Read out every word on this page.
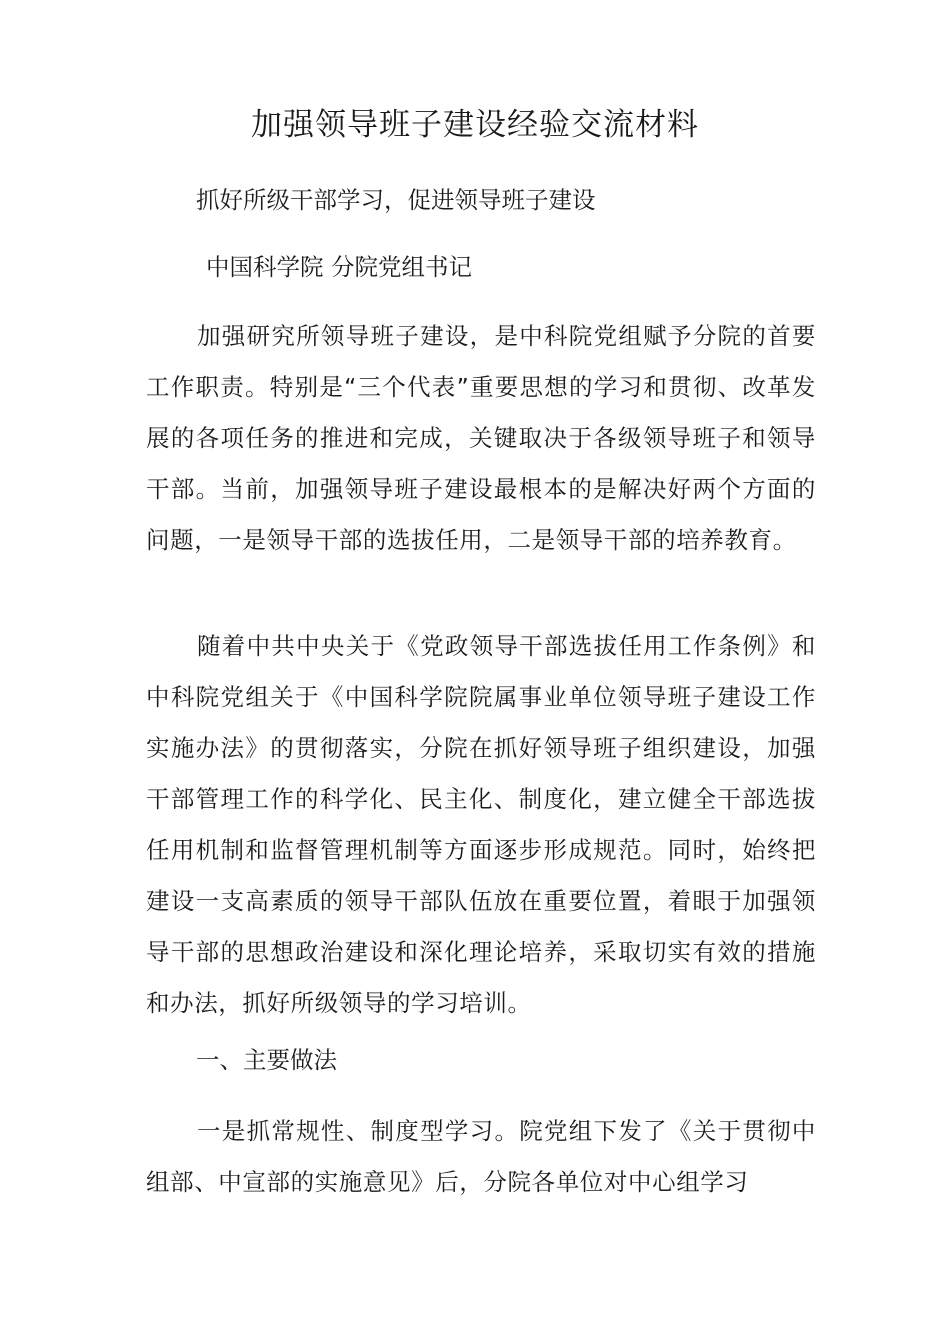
加强领导班子建设经验交流材料
抓好所级干部学习，促进领导班子建设
中国科学院 分院党组书记
加强研究所领导班子建设，是中科院党组赋予分院的首要工作职责。特别是“三个代表”重要思想的学习和贯彻、改革发展的各项任务的推进和完成，关键取决于各级领导班子和领导干部。当前，加强领导班子建设最根本的是解决好两个方面的问题，一是领导干部的选拔任用，二是领导干部的培养教育。
随着中共中央关于《党政领导干部选拔任用工作条例》和中科院党组关于《中国科学院院属事业单位领导班子建设工作实施办法》的贯彻落实，分院在抓好领导班子组织建设，加强干部管理工作的科学化、民主化、制度化，建立健全干部选拔任用机制和监督管理机制等方面逐步形成规范。同时，始终把建设一支高素质的领导干部队伍放在重要位置，着眼于加强领导干部的思想政治建设和深化理论培养，采取切实有效的措施和办法，抓好所级领导的学习培训。
一、主要做法
一是抓常规性、制度型学习。院党组下发了《关于贯彻中组部、中宣部的实施意见》后，分院各单位对中心组学习
